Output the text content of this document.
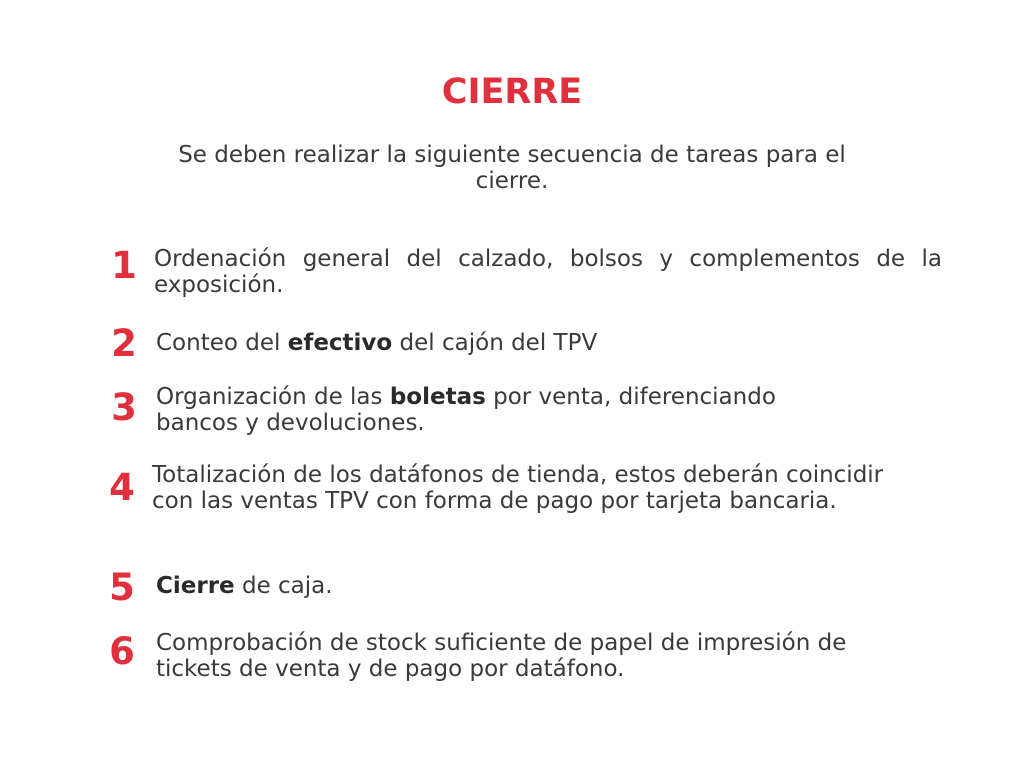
CIERRE
Se deben realizar la siguiente secuencia de tareas para el cierre.
1 Ordenación general del calzado, bolsos y complementos de la exposición.
2 Conteo del efectivo del cajón del TPV
3 Organización de las boletas por venta, diferenciando bancos y devoluciones.
4 Totalización de los datáfonos de tienda, estos deberán coincidir con las ventas TPV con forma de pago por tarjeta bancaria.
5 Cierre de caja.
6 Comprobación de stock suficiente de papel de impresión de tickets de venta y de pago por datáfono.
